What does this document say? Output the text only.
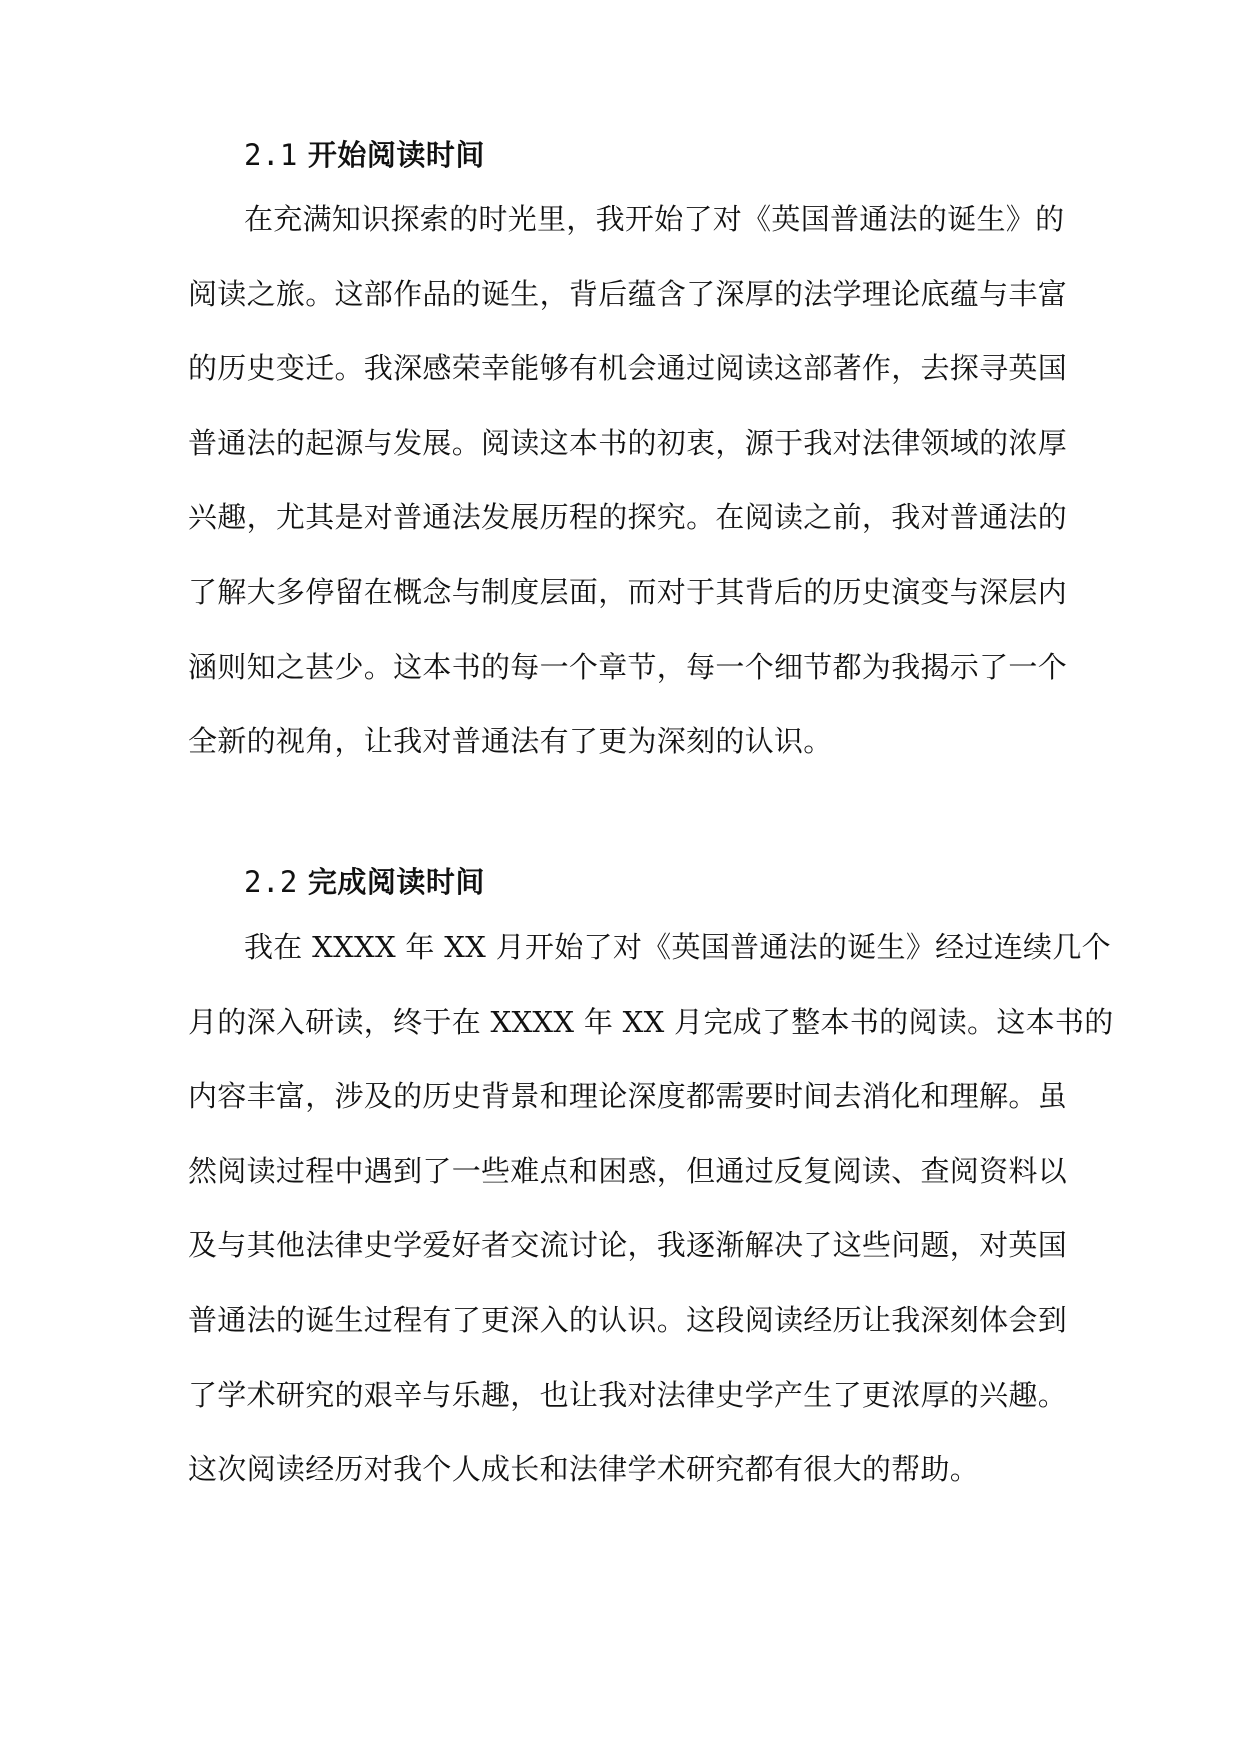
2.1 开始阅读时间
在充满知识探索的时光里，我开始了对《英国普通法的诞生》的
阅读之旅。这部作品的诞生，背后蕴含了深厚的法学理论底蕴与丰富
的历史变迁。我深感荣幸能够有机会通过阅读这部著作，去探寻英国
普通法的起源与发展。阅读这本书的初衷，源于我对法律领域的浓厚
兴趣，尤其是对普通法发展历程的探究。在阅读之前，我对普通法的
了解大多停留在概念与制度层面，而对于其背后的历史演变与深层内
涵则知之甚少。这本书的每一个章节，每一个细节都为我揭示了一个
全新的视角，让我对普通法有了更为深刻的认识。
2.2 完成阅读时间
我在 XXXX 年 XX 月开始了对《英国普通法的诞生》经过连续几个
月的深入研读，终于在 XXXX 年 XX 月完成了整本书的阅读。这本书的
内容丰富，涉及的历史背景和理论深度都需要时间去消化和理解。虽
然阅读过程中遇到了一些难点和困惑，但通过反复阅读、查阅资料以
及与其他法律史学爱好者交流讨论，我逐渐解决了这些问题，对英国
普通法的诞生过程有了更深入的认识。这段阅读经历让我深刻体会到
了学术研究的艰辛与乐趣，也让我对法律史学产生了更浓厚的兴趣。
这次阅读经历对我个人成长和法律学术研究都有很大的帮助。
